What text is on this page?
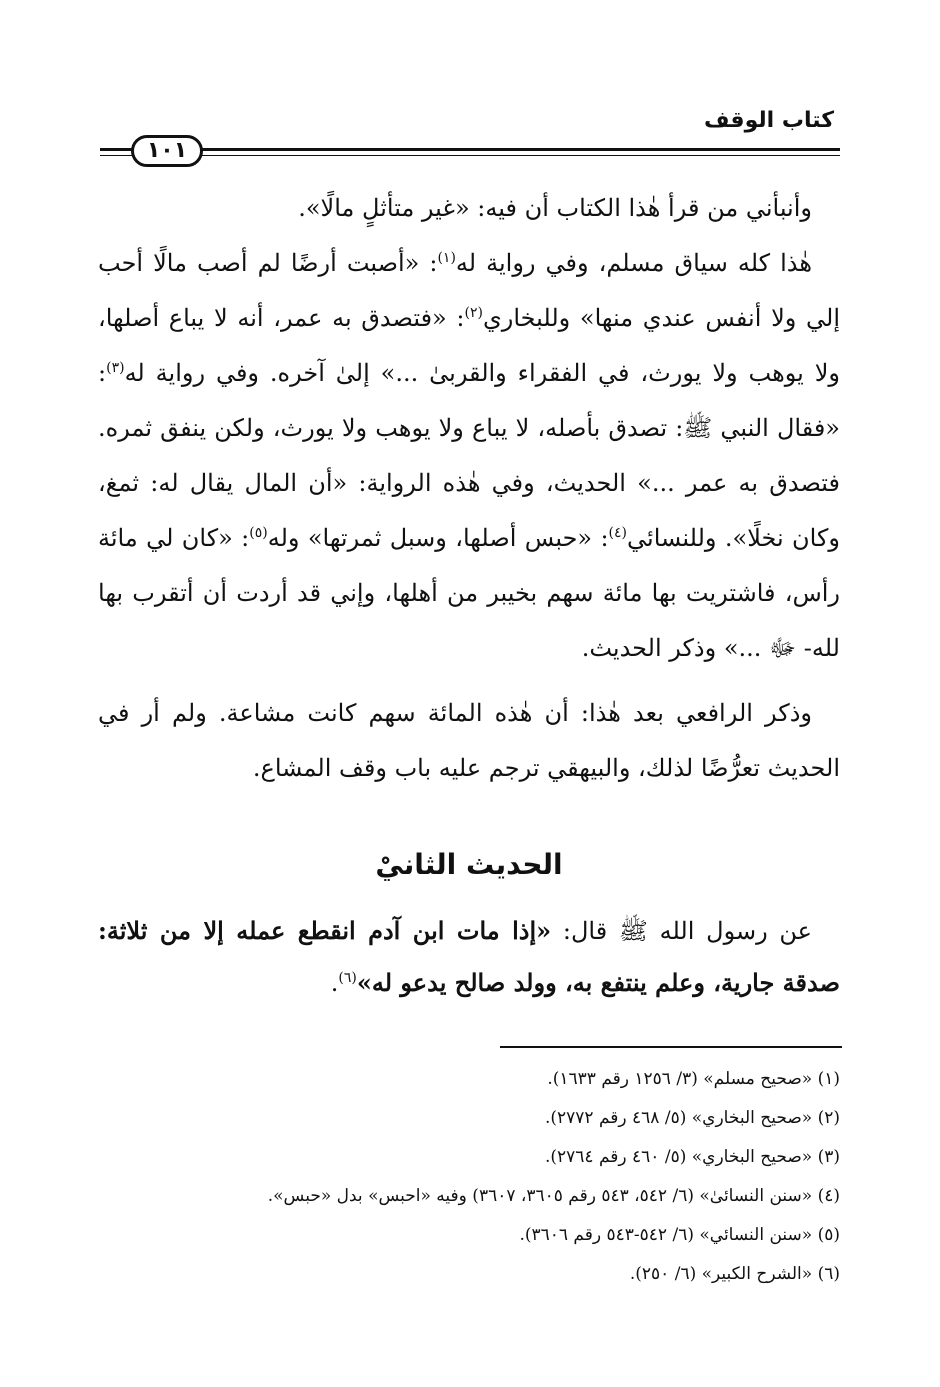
كتاب الوقف
١٠١

وأنبأني من قرأ هٰذا الكتاب أن فيه: «غير متأثلٍ مالًا».

هٰذا كله سياق مسلم، وفي رواية له$^{(١)}$: «أصبت أرضًا لم أصب مالًا أحب إلي ولا أنفس عندي منها» وللبخاري$^{(٢)}$: «فتصدق به عمر، أنه لا يباع أصلها، ولا يوهب ولا يورث، في الفقراء والقربىٰ ...» إلىٰ آخره. وفي رواية له$^{(٣)}$: «فقال النبي ﷺ: تصدق بأصله، لا يباع ولا يوهب ولا يورث، ولكن ينفق ثمره. فتصدق به عمر ...» الحديث، وفي هٰذه الرواية: «أن المال يقال له: ثمغ، وكان نخلًا». وللنسائي$^{(٤)}$: «حبس أصلها، وسبل ثمرتها» وله$^{(٥)}$: «كان لي مائة رأس، فاشتريت بها مائة سهم بخيبر من أهلها، وإني قد أردت أن أتقرب بها لله- ﷻ ...» وذكر الحديث.

وذكر الرافعي بعد هٰذا: أن هٰذه المائة سهم كانت مشاعة. ولم أر في الحديث تعرُّضًا لذلك، والبيهقي ترجم عليه باب وقف المشاع.

الحديث الثانيْ

عن رسول الله ﷺ قال: «إذا مات ابن آدم انقطع عمله إلا من ثلاثة: صدقة جارية، وعلم ينتفع به، وولد صالح يدعو له»$^{(٦)}$.

(١) «صحيح مسلم» (٣/ ١٢٥٦ رقم ١٦٣٣).
(٢) «صحيح البخاري» (٥/ ٤٦٨ رقم ٢٧٧٢).
(٣) «صحيح البخاري» (٥/ ٤٦٠ رقم ٢٧٦٤).
(٤) «سنن النسائىٰ» (٦/ ٥٤٢، ٥٤٣ رقم ٣٦٠٥، ٣٦٠٧) وفيه «احبس» بدل «حبس».
(٥) «سنن النسائي» (٦/ ٥٤٢-٥٤٣ رقم ٣٦٠٦).
(٦) «الشرح الكبير» (٦/ ٢٥٠).
